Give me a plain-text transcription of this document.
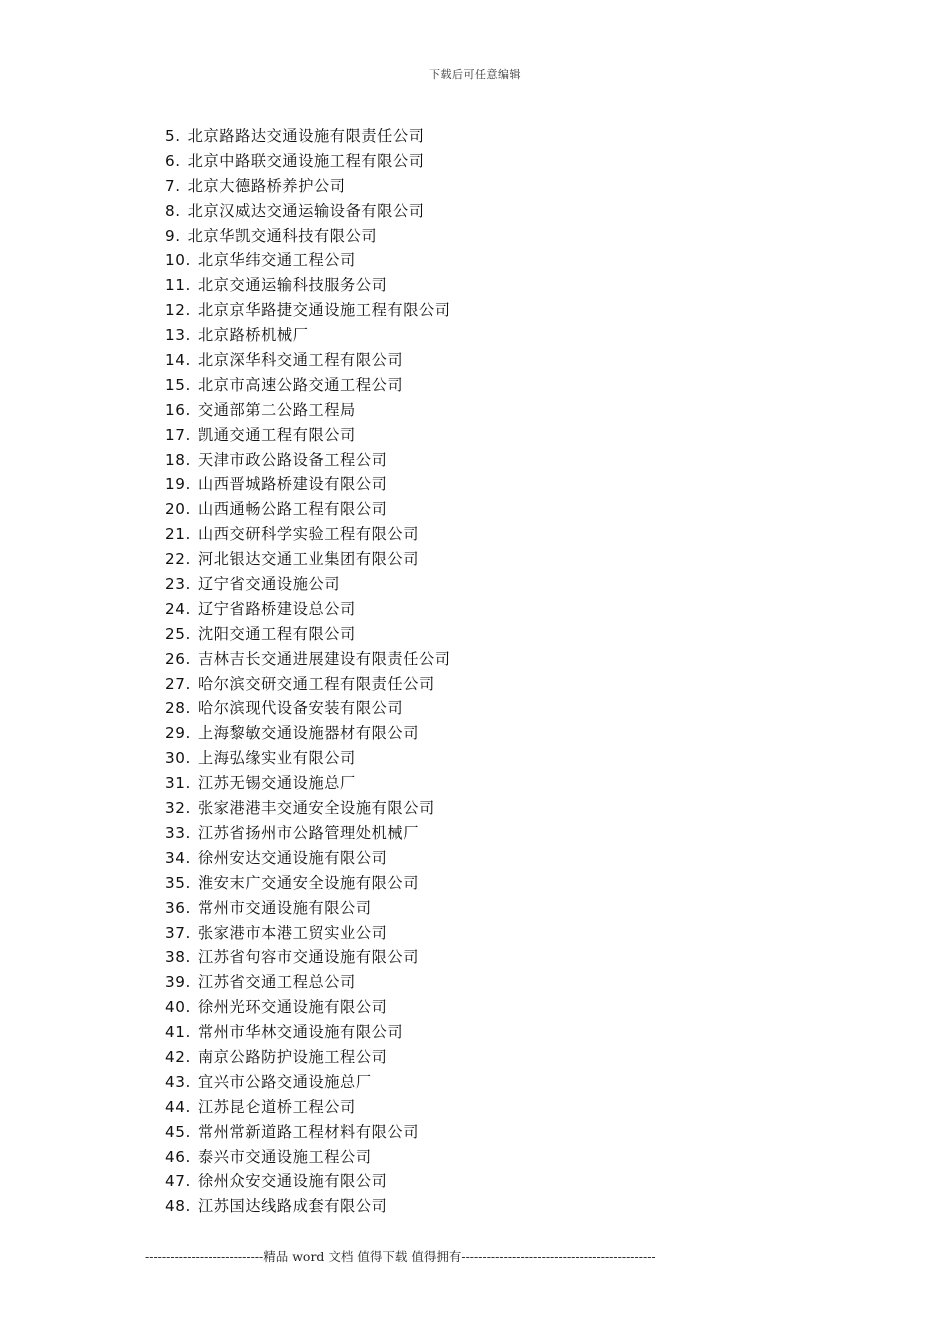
下载后可任意编辑
5. 北京路路达交通设施有限责任公司
6. 北京中路联交通设施工程有限公司
7. 北京大德路桥养护公司
8. 北京汉威达交通运输设备有限公司
9. 北京华凯交通科技有限公司
10. 北京华纬交通工程公司
11. 北京交通运输科技服务公司
12. 北京京华路捷交通设施工程有限公司
13. 北京路桥机械厂
14. 北京深华科交通工程有限公司
15. 北京市高速公路交通工程公司
16. 交通部第二公路工程局
17. 凯通交通工程有限公司
18. 天津市政公路设备工程公司
19. 山西晋城路桥建设有限公司
20. 山西通畅公路工程有限公司
21. 山西交研科学实验工程有限公司
22. 河北银达交通工业集团有限公司
23. 辽宁省交通设施公司
24. 辽宁省路桥建设总公司
25. 沈阳交通工程有限公司
26. 吉林吉长交通进展建设有限责任公司
27. 哈尔滨交研交通工程有限责任公司
28. 哈尔滨现代设备安装有限公司
29. 上海黎敏交通设施器材有限公司
30. 上海弘缘实业有限公司
31. 江苏无锡交通设施总厂
32. 张家港港丰交通安全设施有限公司
33. 江苏省扬州市公路管理处机械厂
34. 徐州安达交通设施有限公司
35. 淮安末广交通安全设施有限公司
36. 常州市交通设施有限公司
37. 张家港市本港工贸实业公司
38. 江苏省句容市交通设施有限公司
39. 江苏省交通工程总公司
40. 徐州光环交通设施有限公司
41. 常州市华林交通设施有限公司
42. 南京公路防护设施工程公司
43. 宜兴市公路交通设施总厂
44. 江苏昆仑道桥工程公司
45. 常州常新道路工程材料有限公司
46. 泰兴市交通设施工程公司
47. 徐州众安交通设施有限公司
48. 江苏国达线路成套有限公司
----------------------------精品 word 文档 值得下载 值得拥有----------------------------------------------
